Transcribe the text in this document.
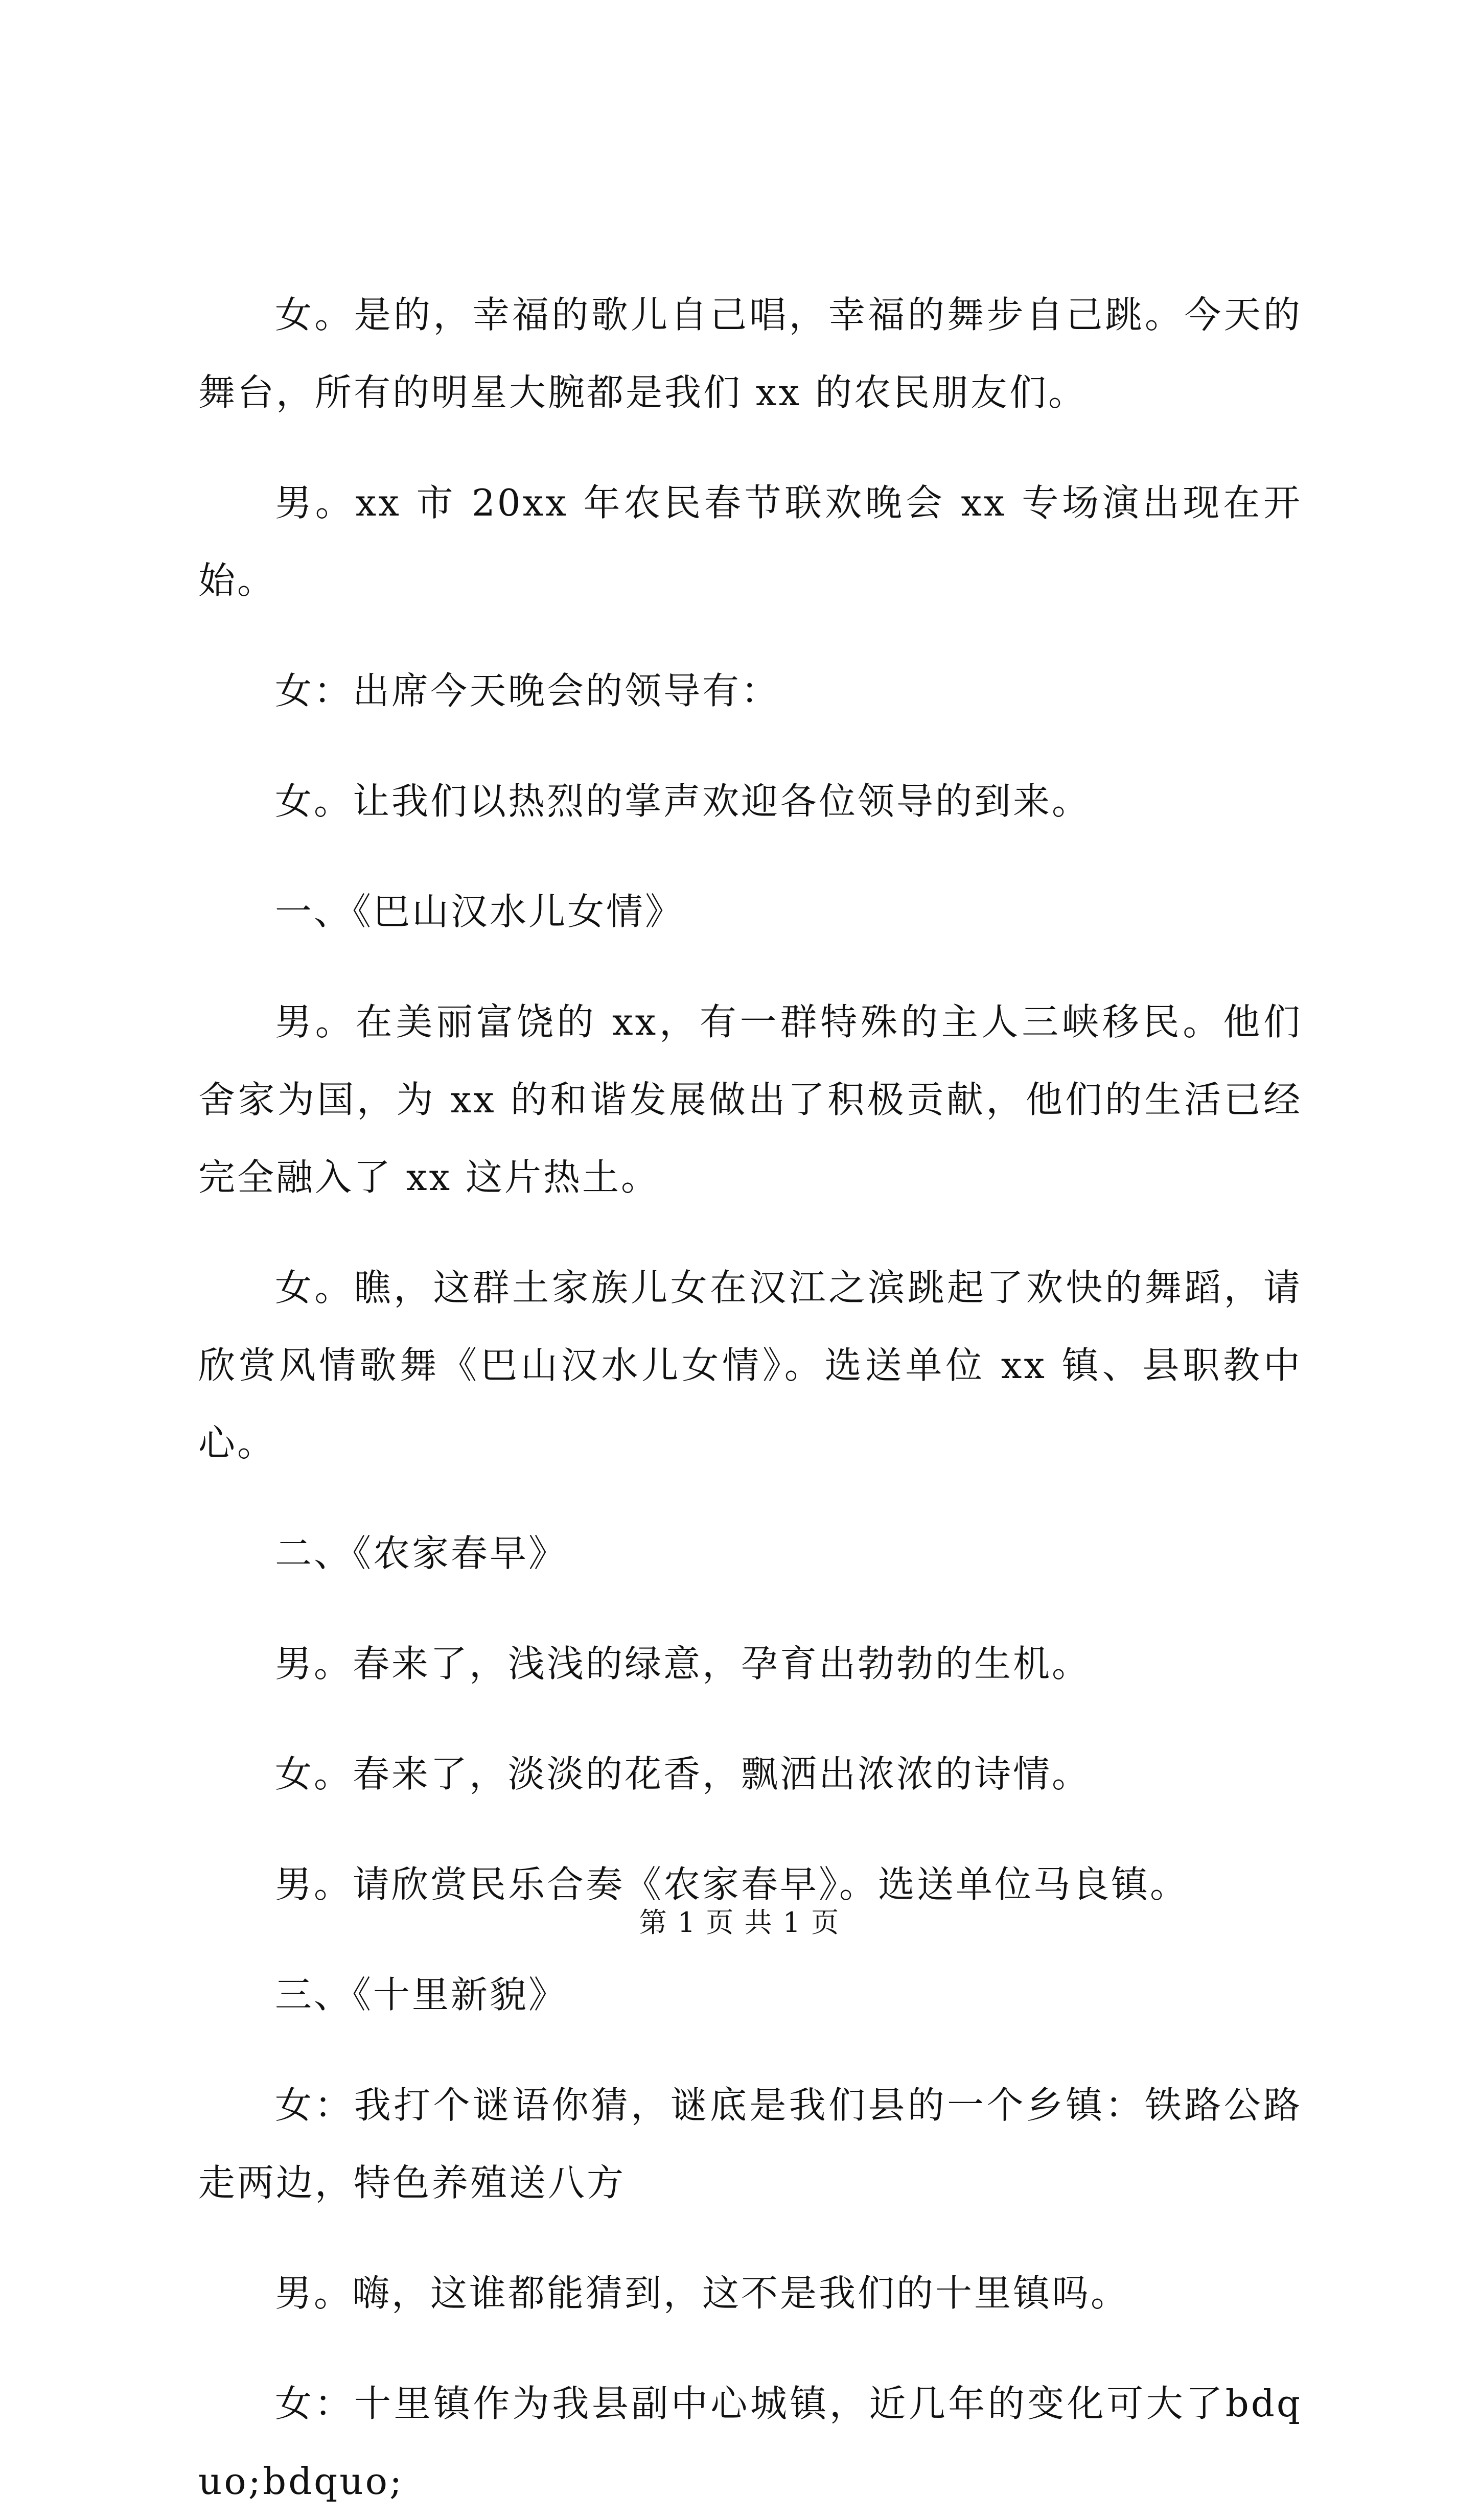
女。是的，幸福的歌儿自己唱，幸福的舞步自己跳。今天的舞台，所有的明星大腕都是我们 xx 的农民朋友们。

男。xx 市 20xx 年农民春节联欢晚会 xx 专场演出现在开始。

女：出席今天晚会的领导有：

女。让我们以热烈的掌声欢迎各位领导的到来。

一、《巴山汉水儿女情》

男。在美丽富饶的 xx，有一群特殊的主人三峡移民。他们舍家为国，为 xx 的和谐发展做出了积极贡献，他们的生活已经完全融入了 xx 这片热土。

女。瞧，这群土家族儿女在汉江之滨跳起了欢快的舞蹈，请欣赏风情歌舞《巴山汉水儿女情》。选送单位 xx 镇、县职教中心。

二、《农家春早》

男。春来了，浅浅的绿意，孕育出勃勃的生机。

女。春来了，淡淡的花香，飘洒出浓浓的诗情。

男。请欣赏民乐合奏《农家春早》。选送单位马良镇。

三、《十里新貌》

女：我打个谜语你猜，谜底是我们县的一个乡镇：铁路公路走两边，特色养殖送八方

男。嗨，这谁都能猜到，这不是我们的十里镇吗。

女：十里镇作为我县副中心城镇，近几年的变化可大了bdquo;bdquo;

第 1 页 共 1 页
